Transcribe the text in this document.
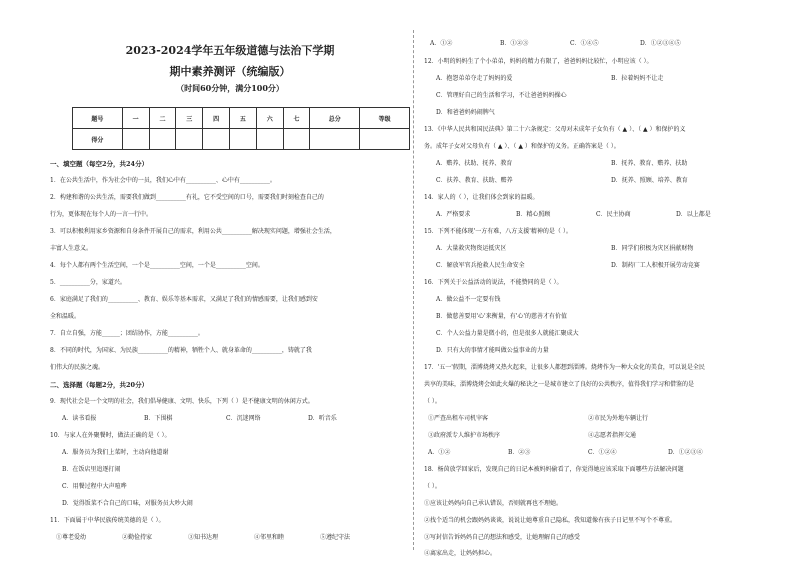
2023-2024学年五年级道德与法治下学期
期中素养测评（统编版）
（时间60分钟，满分100分）
题号	一	二	三	四	五	六	七	总分	等级
得分									
一、填空题（每空2分，共24分）
1．在公共生活中，作为社会中的一员，我们心中有__________、心中有__________。
2．构建和谐的公共生活，需要我们做到__________有礼，它不受空间的口号，需要我们时刻检查自己的
行为，更体现在每个人的一言一行中。
3．可以积极利用家乡资源和自身条件开展自己的需求，利用公共__________解决现实问题，增强社会生活，
丰富人生意义。
4．每个人都有两个生活空间，一个是__________空间，一个是__________空间。
5．__________分，家道兴。
6．家庭满足了我们的__________、教育、娱乐等基本需求，又满足了我们的情感需要，让我们感到安
全和温暖。
7．自立自强，方能______；团结协作，方能__________。
8．不同的时代，为国家、为民族__________的精神，牺牲个人、就身革命的__________，铸就了我
们伟大的民族之魂。
二、选择题（每题2分，共20分）
9．现代社会是一个文明的社会，我们倡导健康、文明、快乐，下列（ ）是不健康文明的休闲方式。
A．读书看报	B．下围棋	C．沉迷网络	D．听音乐
10．与家人在外聚餐时，做法正确的是（ ）。
A．服务员为我们上菜时，主动向他道谢
B．在饭店里追逐打闹
C．用餐过程中大声喧哗
D．觉得饭菜不合自己的口味，对服务员大吵大闹
11．下面属于中华民族传统美德的是（ ）。
①尊老爱幼	②勤俭持家	③知书达理	④邻里和睦	⑤遵纪守法
A．①②	B．①②③	C．①④⑤	D．①②③④⑤
12．小明的妈妈生了个小弟弟，妈妈的精力有限了，爸爸妈妈比较忙，小明应该（ ）。
A．抱怨弟弟夺走了妈妈的爱	B．拉着妈妈不让走
C．管理好自己的生活和学习，不让爸爸妈妈操心
D．和爸爸妈妈闹脾气
13．《中华人民共和国民法典》第二十六条规定：父母对未成年子女负有（ ▲ ）、（ ▲ ）和保护的义
务。成年子女对父母负有（ ▲ ）、（ ▲ ）和保护的义务。正确答案是（ ）。
A．赡养、扶助、抚养、教育	B．抚养、教育、赡养、扶助
C．扶养、教育、扶助、赡养	D．抚养、照顾、培养、教育
14．家人的（ ），让我们体会到家的温暖。
A．严格要求	B．精心照顾	C．民主协商	D．以上都是
15．下列不能体现'一方有难，八方支援'精神的是（ ）。
A．大量救灾物资运抵灾区	B．同学们积极为灾区捐献财物
C．解放军官兵抢救人民生命安全	D．制药厂工人积极开展劳动竞赛
16．下列关于公益活动的说法，不能赞同的是（ ）。
A．做公益不一定要有钱
B．做慈善要用'心'来衡量，有'心'的慈善才有价值
C．个人公益力量是微小的，但是很多人就能汇聚成大
D．只有大的事情才能叫做公益事业的力量
17．'五一'假期，淄博烧烤又热火起来，让很多人都想到淄博。烧烤作为一种大众化的美食，可以说是全民
共享的美味，淄博烧烤会如此火爆的秘诀之一是城市建立了良好的公共秩序，值得我们学习和借鉴的是
（ ）。
①严查出租车司机宰客	②市民为外地车辆让行
③政府派专人维护市场秩序	④志愿者指挥交通
A．①②	B．②③	C．①②④	D．①②③④
18．杨茵放学回家后，发现自己的日记本被妈妈偷看了，你觉得她应该采取下面哪些方法解决问题
（ ）。
①应该让妈妈向自己承认错误，否则就再也不理她。
②找个适当的机会跟妈妈谈谈，说说让她尊重自己隐私，我知道像有孩子日记里不写个不尊重。
③写封信告诉妈妈自己的想法和感受，让她理解自己的感受
④离家出走，让妈妈担心。
